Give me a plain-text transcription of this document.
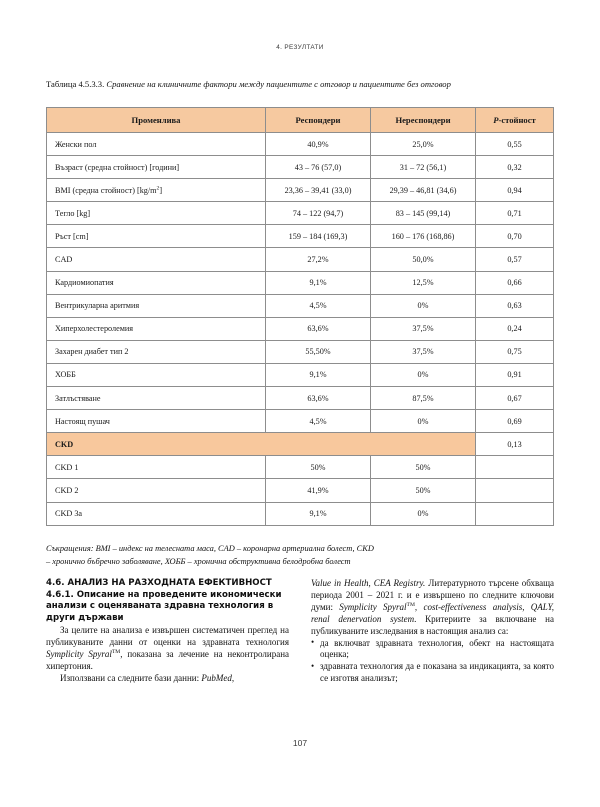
4. РЕЗУЛТАТИ
Таблица 4.5.3.3. Сравнение на клиничните фактори между пациентите с отговор и пациентите без отговор
Променлива	Респондери	Нереспондери	P-стойност
Женски пол	40,9%	25,0%	0,55
Възраст (средна стойност) [години]	43 – 76 (57,0)	31 – 72 (56,1)	0,32
BMI (средна стойност) $[kg/m^2]$	23,36 – 39,41 (33,0)	29,39 – 46,81 (34,6)	0,94
Тегло [kg]	74 – 122 (94,7)	83 – 145 (99,14)	0,71
Ръст [cm]	159 – 184 (169,3)	160 – 176 (168,86)	0,70
CAD	27,2%	50,0%	0,57
Кардиомиопатия	9,1%	12,5%	0,66
Вентрикуларна аритмия	4,5%	0%	0,63
Хиперхолестеролемия	63,6%	37,5%	0,24
Захарен диабет тип 2	55,50%	37,5%	0,75
ХОББ	9,1%	0%	0,91
Затлъстяване	63,6%	87,5%	0,67
Настоящ пушач	4,5%	0%	0,69
CKD			0,13
CKD 1	50%	50%	
CKD 2	41,9%	50%	
CKD 3a	9,1%	0%	
Съкращения: BMI – индекс на телесната маса, CAD – коронарна артериална болест, CKD
– хронично бъбречно заболяване, ХОББ – хронична обструктивна белодробна болест
4.6. АНАЛИЗ НА РАЗХОДНАТА ЕФЕКТИВНОСТ
4.6.1. Описание на проведените икономически анализи с оценяваната здравна технология в други държави

За целите на анализа е извършен систематичен преглед на публикуваните данни от оценки на здравната технология Symplicity Spyral™, показана за лечение на неконтролирана хипертония.

Използвани са следните бази данни: PubMed,

Value in Health, CEA Registry. Литературното търсене обхваща периода 2001 – 2021 г. и е извършено по следните ключови думи: Symplicity Spyral™, cost-effectiveness analysis, QALY, renal denervation system. Критериите за включване на публикуваните изследвания в настоящия анализ са:

• да включват здравната технология, обект на настоящата оценка;
• здравната технология да е показана за индикацията, за която се изготвя анализът;
107
